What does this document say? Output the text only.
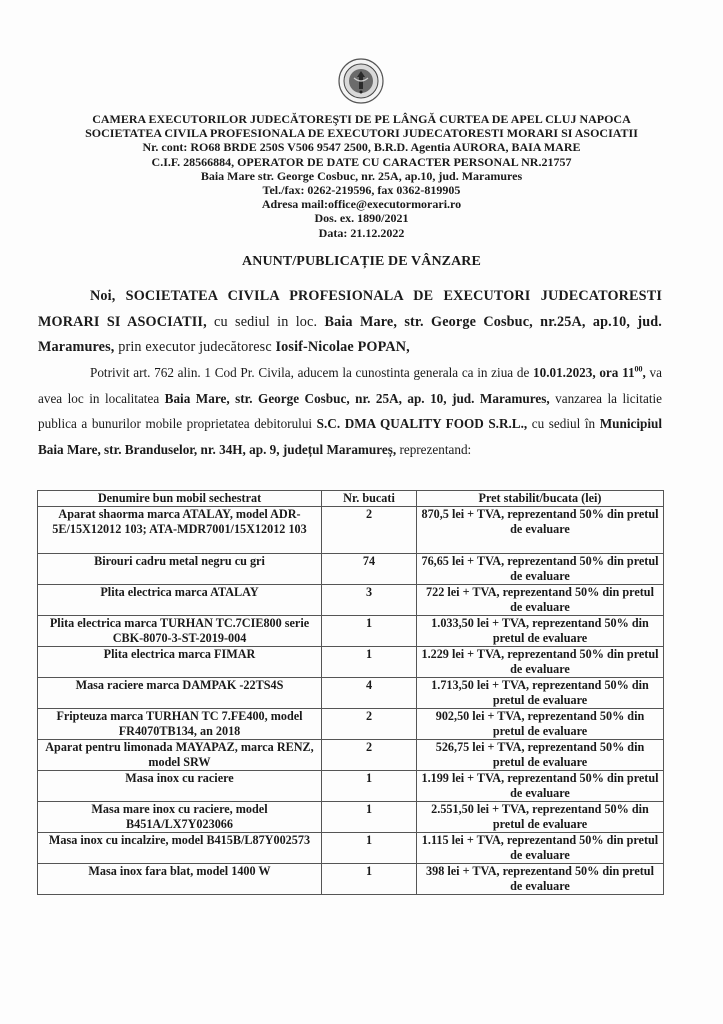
CAMERA EXECUTORILOR JUDECĂTOREŞTI DE PE LÂNGĂ CURTEA DE APEL CLUJ NAPOCA
SOCIETATEA CIVILA PROFESIONALA DE EXECUTORI JUDECATORESTI MORARI SI ASOCIATII
Nr. cont: RO68 BRDE 250S V506 9547 2500, B.R.D. Agentia AURORA, BAIA MARE
C.I.F. 28566884, OPERATOR DE DATE CU CARACTER PERSONAL NR.21757
Baia Mare str. George Cosbuc, nr. 25A, ap.10, jud. Maramures
Tel./fax: 0262-219596, fax 0362-819905
Adresa mail:office@executormorari.ro
Dos. ex. 1890/2021
Data: 21.12.2022
ANUNT/PUBLICAȚIE DE VÂNZARE
Noi, SOCIETATEA CIVILA PROFESIONALA DE EXECUTORI JUDECATORESTI MORARI SI ASOCIATII, cu sediul in loc. Baia Mare, str. George Cosbuc, nr.25A, ap.10, jud. Maramures, prin executor judecătoresc Iosif-Nicolae POPAN,
Potrivit art. 762 alin. 1 Cod Pr. Civila, aducem la cunostinta generala ca in ziua de 10.01.2023, ora $11^{00}$, va avea loc in localitatea Baia Mare, str. George Cosbuc, nr. 25A, ap. 10, jud. Maramures, vanzarea la licitatie publica a bunurilor mobile proprietatea debitorului S.C. DMA QUALITY FOOD S.R.L., cu sediul în Municipiul Baia Mare, str. Branduselor, nr. 34H, ap. 9, județul Maramureș, reprezentand:
Denumire bun mobil sechestrat	Nr. bucati	Pret stabilit/bucata (lei)
Aparat shaorma marca ATALAY, model ADR-5E/15X12012 103; ATA-MDR7001/15X12012 103	2	870,5 lei + TVA, reprezentand 50% din pretul de evaluare
Birouri cadru metal negru cu gri	74	76,65 lei + TVA, reprezentand 50% din pretul de evaluare
Plita electrica marca ATALAY	3	722 lei + TVA, reprezentand 50% din pretul de evaluare
Plita electrica marca TURHAN TC.7CIE800 serie CBK-8070-3-ST-2019-004	1	1.033,50 lei + TVA, reprezentand 50% din pretul de evaluare
Plita electrica marca FIMAR	1	1.229 lei + TVA, reprezentand 50% din pretul de evaluare
Masa raciere marca DAMPAK -22TS4S	4	1.713,50 lei + TVA, reprezentand 50% din pretul de evaluare
Fripteuza marca TURHAN TC 7.FE400, model FR4070TB134, an 2018	2	902,50 lei + TVA, reprezentand 50% din pretul de evaluare
Aparat pentru limonada MAYAPAZ, marca RENZ, model SRW	2	526,75 lei + TVA, reprezentand 50% din pretul de evaluare
Masa inox cu raciere	1	1.199 lei + TVA, reprezentand 50% din pretul de evaluare
Masa mare inox cu raciere, model B451A/LX7Y023066	1	2.551,50 lei + TVA, reprezentand 50% din pretul de evaluare
Masa inox cu incalzire, model B415B/L87Y002573	1	1.115 lei + TVA, reprezentand 50% din pretul de evaluare
Masa inox fara blat, model 1400 W	1	398 lei + TVA, reprezentand 50% din pretul de evaluare
